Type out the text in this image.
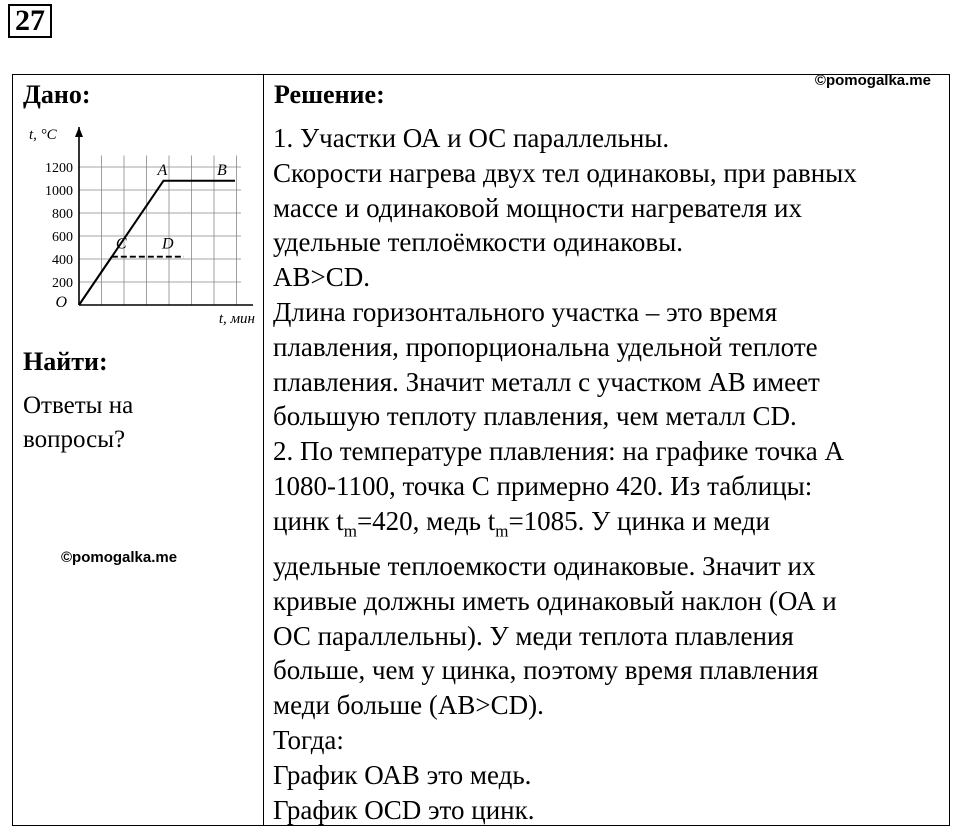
27
Дано:
200
400
600
800
1000
1200	A	B
C D
O
t, °C
t, мин
Найти:
Ответы на
вопросы?
©pomogalka.me
©pomogalka.me
Решение:
1. Участки ОА и ОС параллельны.
Скорости нагрева двух тел одинаковы, при равных
массе и одинаковой мощности нагревателя их
удельные теплоёмкости одинаковы.
AB>CD.
Длина горизонтального участка – это время
плавления, пропорциональна удельной теплоте
плавления. Значит металл с участком АВ имеет
большую теплоту плавления, чем металл CD.
2. По температуре плавления: на графике точка А
1080-1100, точка С примерно 420. Из таблицы:
цинк $t_m=420$, медь $t_m=1085$. У цинка и меди
удельные теплоемкости одинаковые. Значит их
кривые должны иметь одинаковый наклон (ОА и
ОС параллельны). У меди теплота плавления
больше, чем у цинка, поэтому время плавления
меди больше (AB>CD).
Тогда:
График ОАВ это медь.
График OCD это цинк.
